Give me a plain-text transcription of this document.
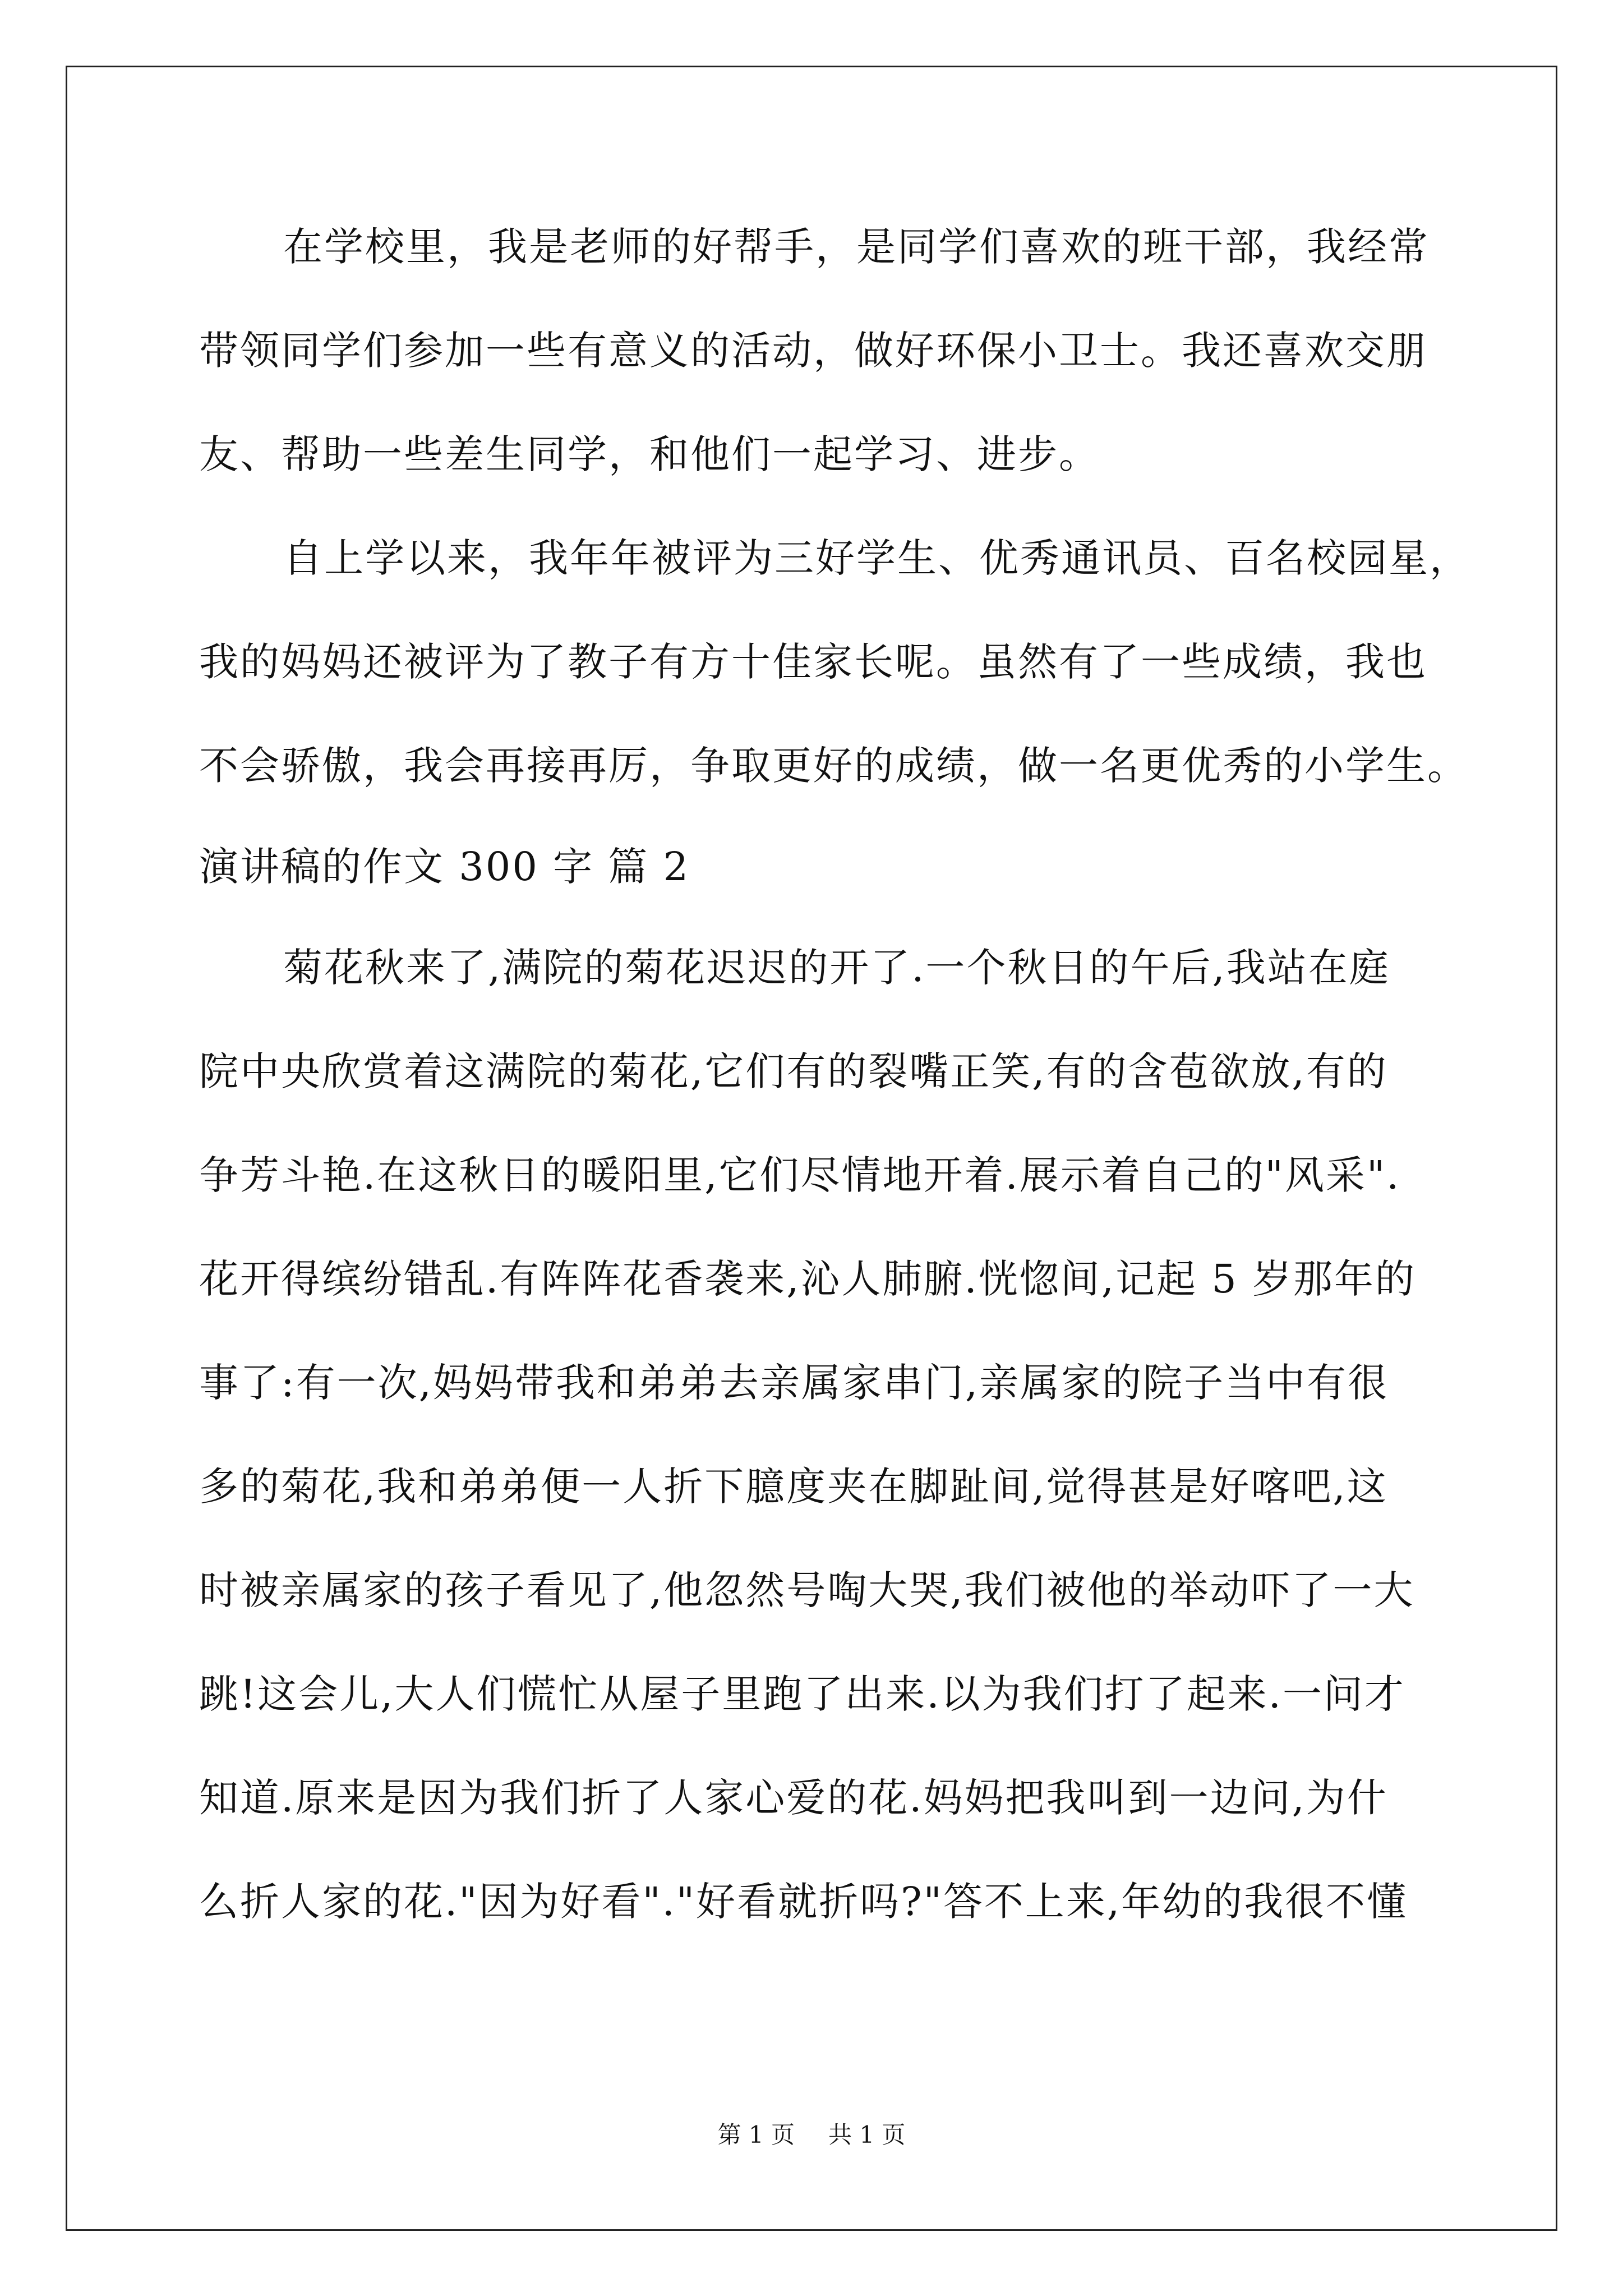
在学校里，我是老师的好帮手，是同学们喜欢的班干部，我经常
带领同学们参加一些有意义的活动，做好环保小卫士。我还喜欢交朋
友、帮助一些差生同学，和他们一起学习、进步。
自上学以来，我年年被评为三好学生、优秀通讯员、百名校园星，
我的妈妈还被评为了教子有方十佳家长呢。虽然有了一些成绩，我也
不会骄傲，我会再接再厉，争取更好的成绩，做一名更优秀的小学生。
演讲稿的作文 300 字 篇 2
菊花秋来了,满院的菊花迟迟的开了.一个秋日的午后,我站在庭
院中央欣赏着这满院的菊花,它们有的裂嘴正笑,有的含苞欲放,有的
争芳斗艳.在这秋日的暖阳里,它们尽情地开着.展示着自己的"风采".
花开得缤纷错乱.有阵阵花香袭来,沁人肺腑.恍惚间,记起 5 岁那年的
事了:有一次,妈妈带我和弟弟去亲属家串门,亲属家的院子当中有很
多的菊花,我和弟弟便一人折下臆度夹在脚趾间,觉得甚是好喀吧,这
时被亲属家的孩子看见了,他忽然号啕大哭,我们被他的举动吓了一大
跳!这会儿,大人们慌忙从屋子里跑了出来.以为我们打了起来.一问才
知道.原来是因为我们折了人家心爱的花.妈妈把我叫到一边问,为什
么折人家的花."因为好看"."好看就折吗?"答不上来,年幼的我很不懂
第 1 页 共 1 页
